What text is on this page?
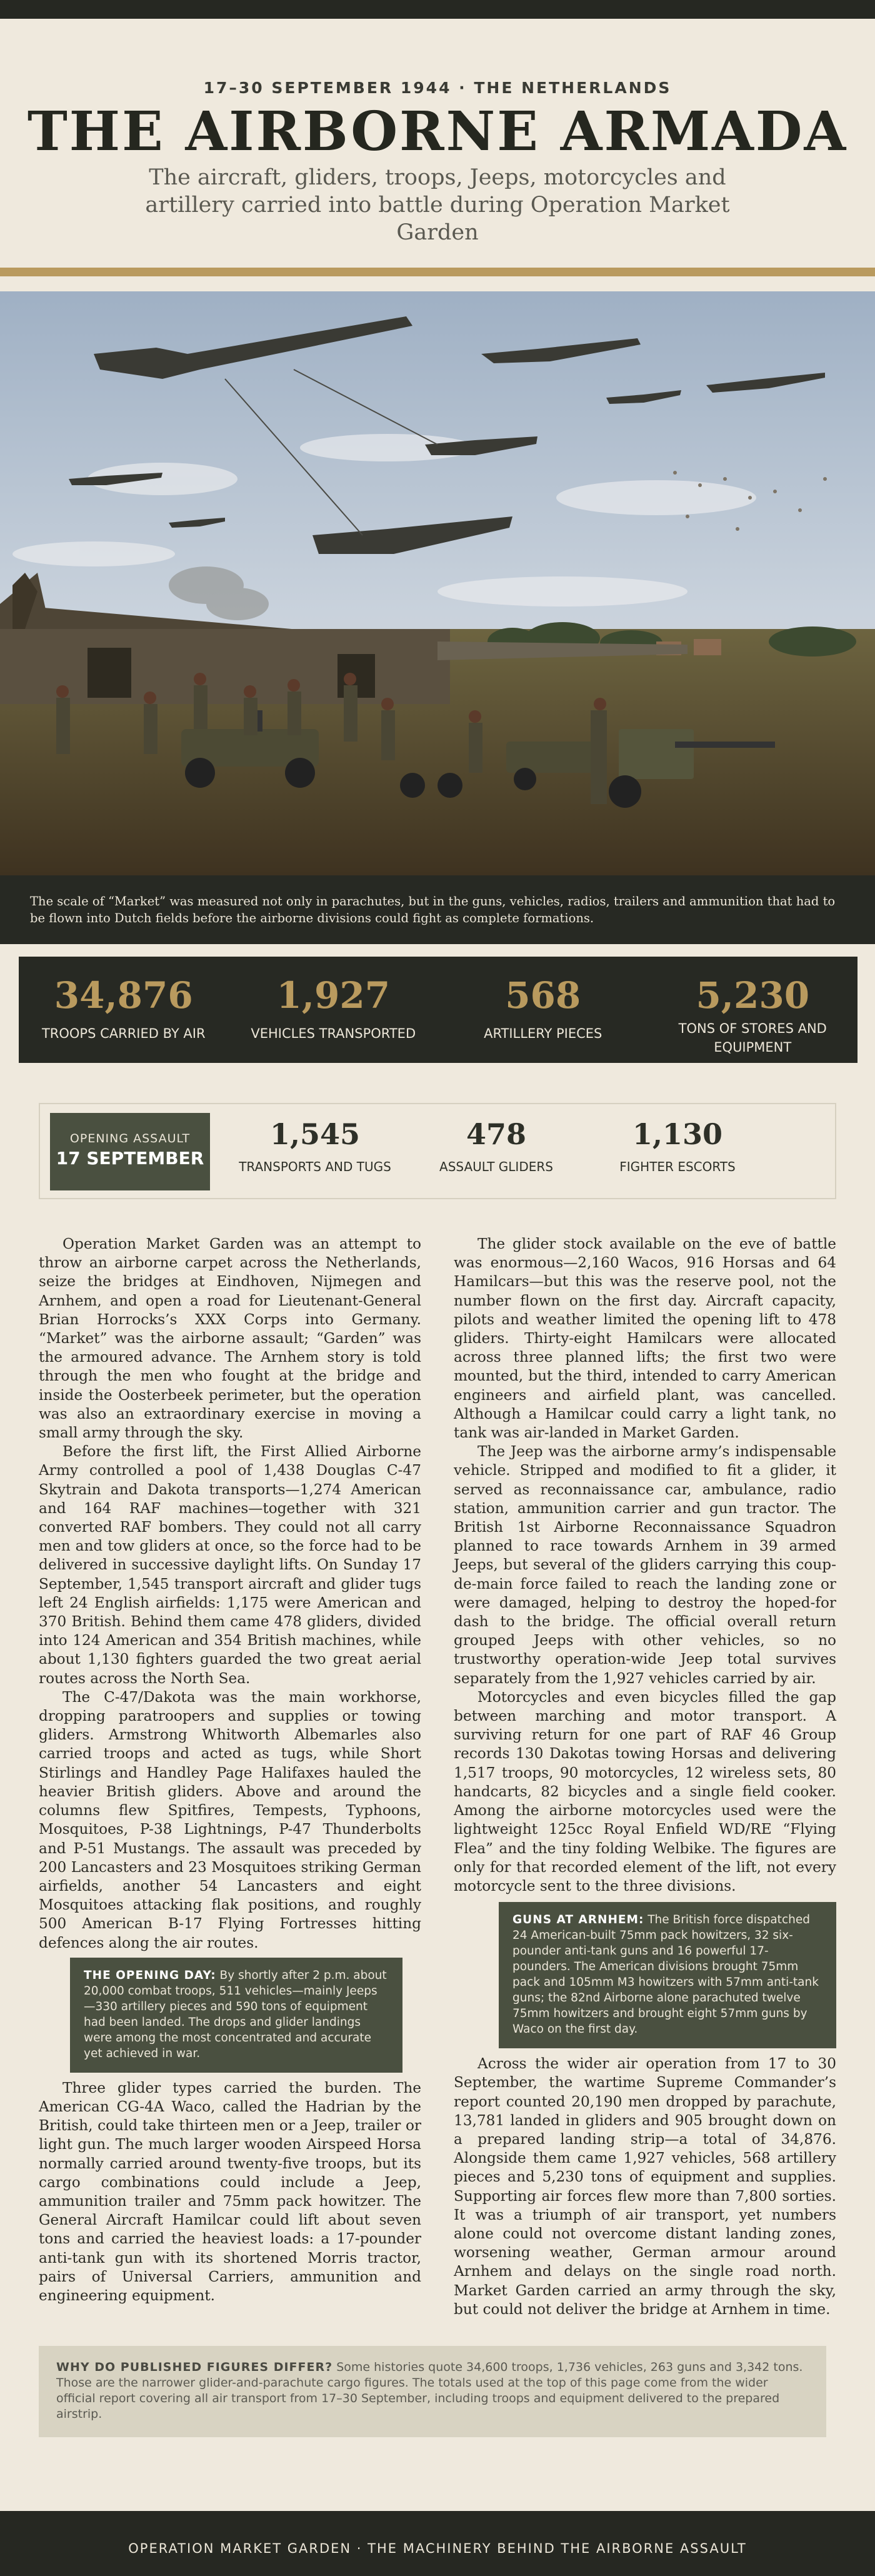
17–30 SEPTEMBER 1944 · THE NETHERLANDS
THE AIRBORNE ARMADA
The aircraft, gliders, troops, Jeeps, motorcycles and artillery carried into battle during Operation Market Garden

The scale of “Market” was measured not only in parachutes, but in the guns, vehicles, radios, trailers and ammunition that had to be flown into Dutch fields before the airborne divisions could fight as complete formations.

34,876
TROOPS CARRIED BY AIR
1,927
VEHICLES TRANSPORTED
568
ARTILLERY PIECES
5,230
TONS OF STORES AND EQUIPMENT
OPENING ASSAULT
17 SEPTEMBER
1,545
TRANSPORTS AND TUGS
478
ASSAULT GLIDERS
1,130
FIGHTER ESCORTS

Operation Market Garden was an attempt to throw an airborne carpet across the Netherlands, seize the bridges at Eindhoven, Nijmegen and Arnhem, and open a road for Lieutenant-General Brian Horrocks’s XXX Corps into Germany. “Market” was the airborne assault; “Garden” was the armoured advance. The Arnhem story is told through the men who fought at the bridge and inside the Oosterbeek perimeter, but the operation was also an extraordinary exercise in moving a small army through the sky.

Before the first lift, the First Allied Airborne Army controlled a pool of 1,438 Douglas C-47 Skytrain and Dakota transports—1,274 American and 164 RAF machines—together with 321 converted RAF bombers. They could not all carry men and tow gliders at once, so the force had to be delivered in successive daylight lifts. On Sunday 17 September, 1,545 transport aircraft and glider tugs left 24 English airfields: 1,175 were American and 370 British. Behind them came 478 gliders, divided into 124 American and 354 British machines, while about 1,130 fighters guarded the two great aerial routes across the North Sea.

The C-47/Dakota was the main workhorse, dropping paratroopers and supplies or towing gliders. Armstrong Whitworth Albemarles also carried troops and acted as tugs, while Short Stirlings and Handley Page Halifaxes hauled the heavier British gliders. Above and around the columns flew Spitfires, Tempests, Typhoons, Mosquitoes, P-38 Lightnings, P-47 Thunderbolts and P-51 Mustangs. The assault was preceded by 200 Lancasters and 23 Mosquitoes striking German airfields, another 54 Lancasters and eight Mosquitoes attacking flak positions, and roughly 500 American B-17 Flying Fortresses hitting defences along the air routes.

THE OPENING DAY: By shortly after 2 p.m. about 20,000 combat troops, 511 vehicles—mainly Jeeps—330 artillery pieces and 590 tons of equipment had been landed. The drops and glider landings were among the most concentrated and accurate yet achieved in war.

Three glider types carried the burden. The American CG-4A Waco, called the Hadrian by the British, could take thirteen men or a Jeep, trailer or light gun. The much larger wooden Airspeed Horsa normally carried around twenty-five troops, but its cargo combinations could include a Jeep, ammunition trailer and 75mm pack howitzer. The General Aircraft Hamilcar could lift about seven tons and carried the heaviest loads: a 17-pounder anti-tank gun with its shortened Morris tractor, pairs of Universal Carriers, ammunition and engineering equipment.

The glider stock available on the eve of battle was enormous—2,160 Wacos, 916 Horsas and 64 Hamilcars—but this was the reserve pool, not the number flown on the first day. Aircraft capacity, pilots and weather limited the opening lift to 478 gliders. Thirty-eight Hamilcars were allocated across three planned lifts; the first two were mounted, but the third, intended to carry American engineers and airfield plant, was cancelled. Although a Hamilcar could carry a light tank, no tank was air-landed in Market Garden.

The Jeep was the airborne army’s indispensable vehicle. Stripped and modified to fit a glider, it served as reconnaissance car, ambulance, radio station, ammunition carrier and gun tractor. The British 1st Airborne Reconnaissance Squadron planned to race towards Arnhem in 39 armed Jeeps, but several of the gliders carrying this coup-de-main force failed to reach the landing zone or were damaged, helping to destroy the hoped-for dash to the bridge. The official overall return grouped Jeeps with other vehicles, so no trustworthy operation-wide Jeep total survives separately from the 1,927 vehicles carried by air.

Motorcycles and even bicycles filled the gap between marching and motor transport. A surviving return for one part of RAF 46 Group records 130 Dakotas towing Horsas and delivering 1,517 troops, 90 motorcycles, 12 wireless sets, 80 handcarts, 82 bicycles and a single field cooker. Among the airborne motorcycles used were the lightweight 125cc Royal Enfield WD/RE “Flying Flea” and the tiny folding Welbike. The figures are only for that recorded element of the lift, not every motorcycle sent to the three divisions.

GUNS AT ARNHEM: The British force dispatched 24 American-built 75mm pack howitzers, 32 six-pounder anti-tank guns and 16 powerful 17-pounders. The American divisions brought 75mm pack and 105mm M3 howitzers with 57mm anti-tank guns; the 82nd Airborne alone parachuted twelve 75mm howitzers and brought eight 57mm guns by Waco on the first day.

Across the wider air operation from 17 to 30 September, the wartime Supreme Commander’s report counted 20,190 men dropped by parachute, 13,781 landed in gliders and 905 brought down on a prepared landing strip—a total of 34,876. Alongside them came 1,927 vehicles, 568 artillery pieces and 5,230 tons of equipment and supplies. Supporting air forces flew more than 7,800 sorties. It was a triumph of air transport, yet numbers alone could not overcome distant landing zones, worsening weather, German armour around Arnhem and delays on the single road north. Market Garden carried an army through the sky, but could not deliver the bridge at Arnhem in time.

WHY DO PUBLISHED FIGURES DIFFER? Some histories quote 34,600 troops, 1,736 vehicles, 263 guns and 3,342 tons. Those are the narrower glider-and-parachute cargo figures. The totals used at the top of this page come from the wider official report covering all air transport from 17–30 September, including troops and equipment delivered to the prepared airstrip.
OPERATION MARKET GARDEN · THE MACHINERY BEHIND THE AIRBORNE ASSAULT
